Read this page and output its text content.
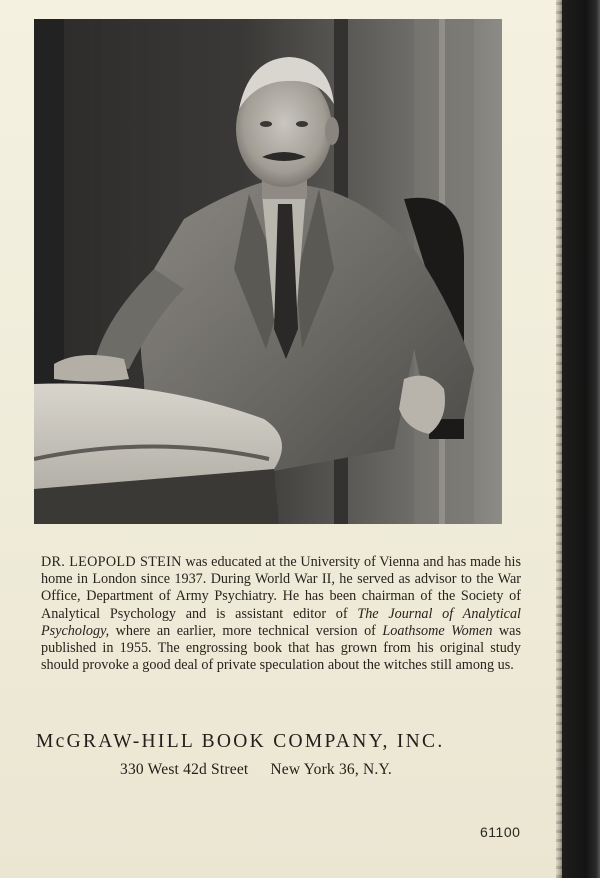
DR. LEOPOLD STEIN was educated at the University of Vienna and has made his home in London since 1937. During World War II, he served as advisor to the War Office, Department of Army Psychiatry. He has been chairman of the Society of Analytical Psychology and is assistant editor of The Journal of Analytical Psychology, where an earlier, more technical version of Loathsome Women was published in 1955. The engrossing book that has grown from his original study should provoke a good deal of private speculation about the witches still among us.

McGRAW-HILL BOOK COMPANY, INC.
330 West 42d Street New York 36, N.Y.
61100
